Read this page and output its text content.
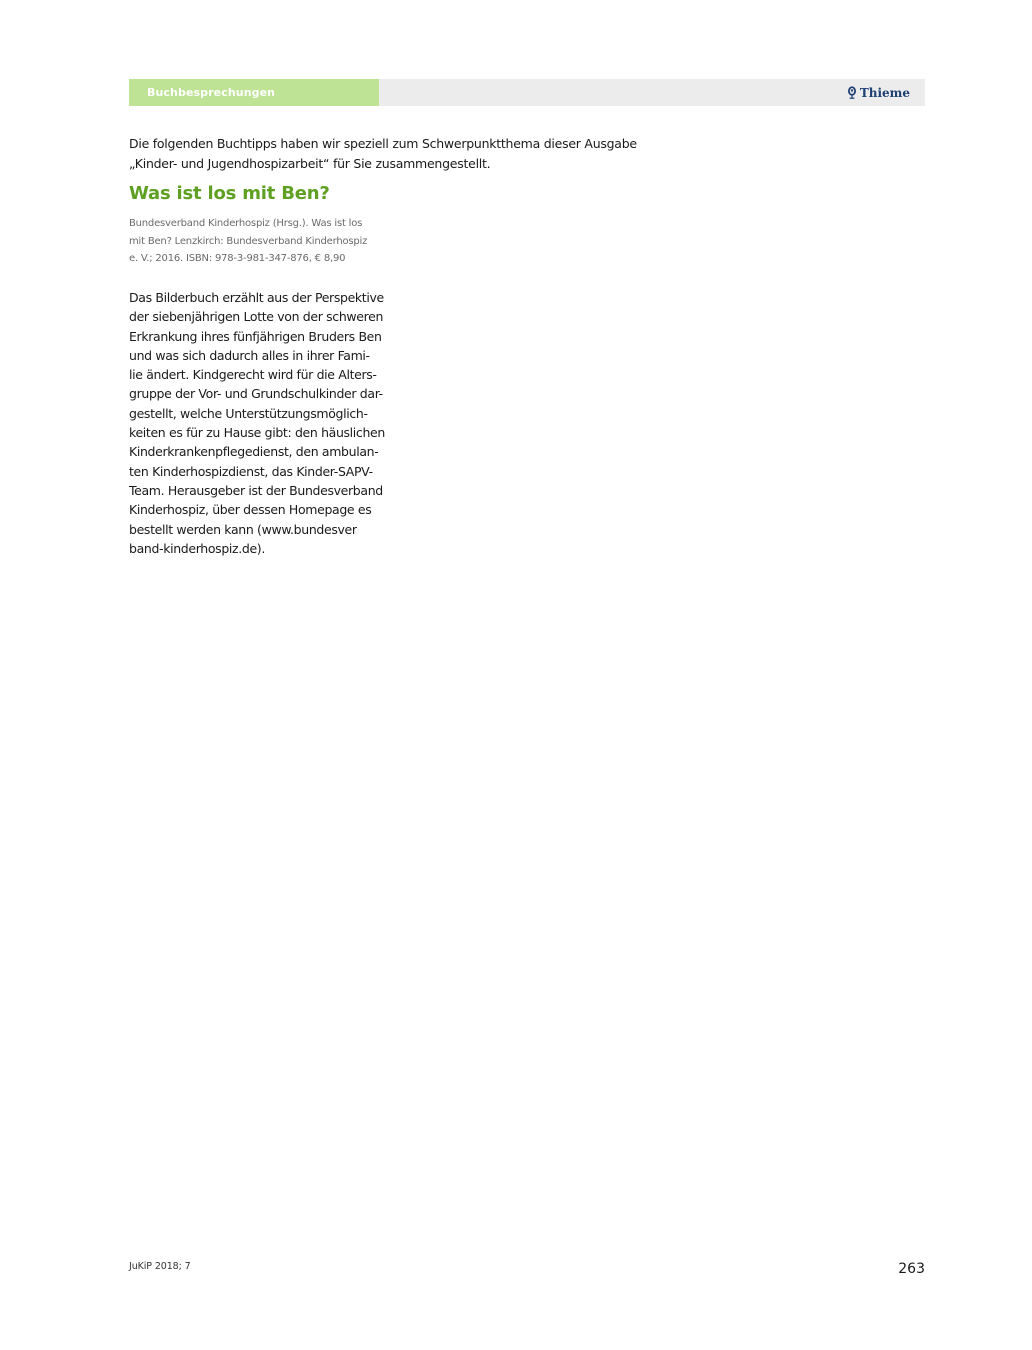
Buchbesprechungen	Thieme

Die folgenden Buchtipps haben wir speziell zum Schwerpunktthema dieser Ausgabe
„Kinder- und Jugendhospizarbeit“ für Sie zusammengestellt.

Was ist los mit Ben?
Bundesverband Kinderhospiz (Hrsg.). Was ist los
mit Ben? Lenzkirch: Bundesverband Kinderhospiz
e. V.; 2016. ISBN: 978-3-981-347-876, € 8,90
Das Bilderbuch erzählt aus der Perspektive
der siebenjährigen Lotte von der schweren
Erkrankung ihres fünfjährigen Bruders Ben
und was sich dadurch alles in ihrer Fami-
lie ändert. Kindgerecht wird für die Alters-
gruppe der Vor- und Grundschulkinder dar-
gestellt, welche Unterstützungsmöglich-
keiten es für zu Hause gibt: den häuslichen
Kinderkrankenpflegedienst, den ambulan-
ten Kinderhospizdienst, das Kinder-SAPV-
Team. Herausgeber ist der Bundesverband
Kinderhospiz, über dessen Homepage es
bestellt werden kann (www.bundesver
band-kinderhospiz.de).
JuKiP 2018; 7	263
